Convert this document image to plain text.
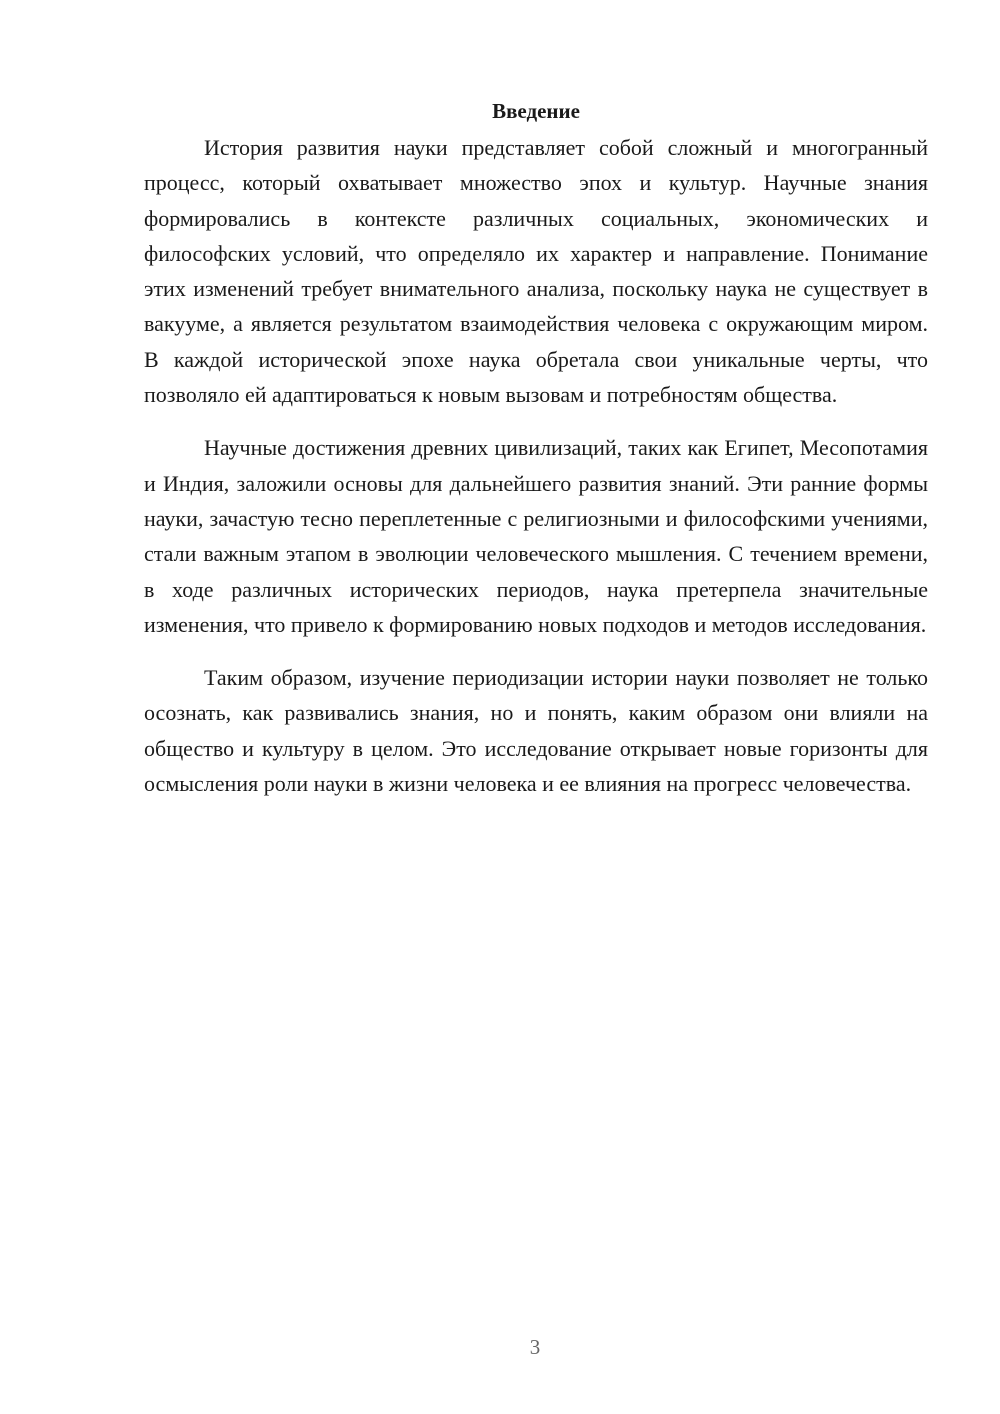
Введение

История развития науки представляет собой сложный и многогранный процесс, который охватывает множество эпох и культур. Научные знания формировались в контексте различных социальных, экономических и философских условий, что определяло их характер и направление. Понимание этих изменений требует внимательного анализа, поскольку наука не существует в вакууме, а является результатом взаимодействия человека с окружающим миром. В каждой исторической эпохе наука обретала свои уникальные черты, что позволяло ей адаптироваться к новым вызовам и потребностям общества.

Научные достижения древних цивилизаций, таких как Египет, Месопотамия и Индия, заложили основы для дальнейшего развития знаний. Эти ранние формы науки, зачастую тесно переплетенные с религиозными и философскими учениями, стали важным этапом в эволюции человеческого мышления. С течением времени, в ходе различных исторических периодов, наука претерпела значительные изменения, что привело к формированию новых подходов и методов исследования.

Таким образом, изучение периодизации истории науки позволяет не только осознать, как развивались знания, но и понять, каким образом они влияли на общество и культуру в целом. Это исследование открывает новые горизонты для осмысления роли науки в жизни человека и ее влияния на прогресс человечества.

3
